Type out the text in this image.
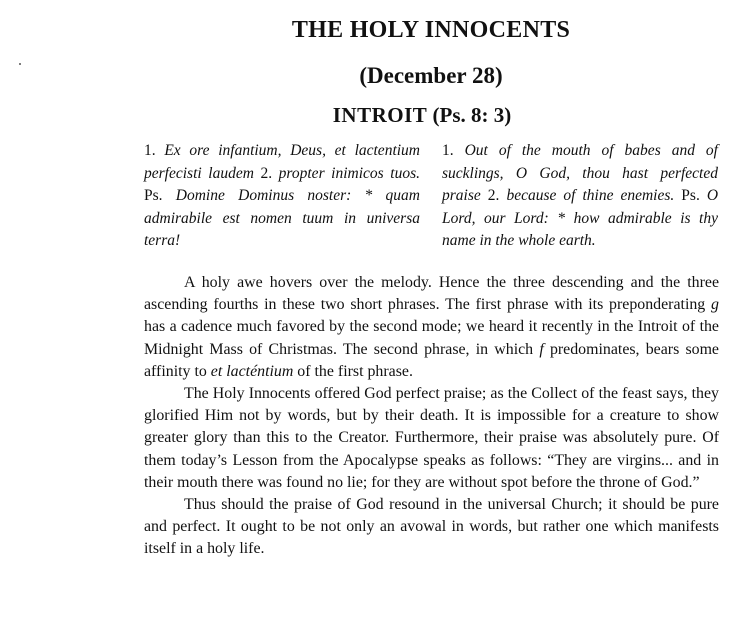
THE HOLY INNOCENTS
(December 28)
INTROIT (Ps. 8: 3)

1. Ex ore infantium, Deus, et lactentium perfecisti laudem 2. propter inimicos tuos. Ps. Domine Dominus noster: * quam admirabile est nomen tuum in universa terra!

1. Out of the mouth of babes and of sucklings, O God, thou hast perfected praise 2. because of thine enemies. Ps. O Lord, our Lord: * how admirable is thy name in the whole earth.

A holy awe hovers over the melody. Hence the three descending and the three ascending fourths in these two short phrases. The first phrase with its preponderating g has a cadence much favored by the second mode; we heard it recently in the Introit of the Midnight Mass of Christmas. The second phrase, in which f predominates, bears some affinity to et lacténtium of the first phrase.

The Holy Innocents offered God perfect praise; as the Collect of the feast says, they glorified Him not by words, but by their death. It is impossible for a creature to show greater glory than this to the Creator. Furthermore, their praise was absolutely pure. Of them today’s Lesson from the Apocalypse speaks as follows: “They are virgins... and in their mouth there was found no lie; for they are without spot before the throne of God.”

Thus should the praise of God resound in the universal Church; it should be pure and perfect. It ought to be not only an avowal in words, but rather one which manifests itself in a holy life.
